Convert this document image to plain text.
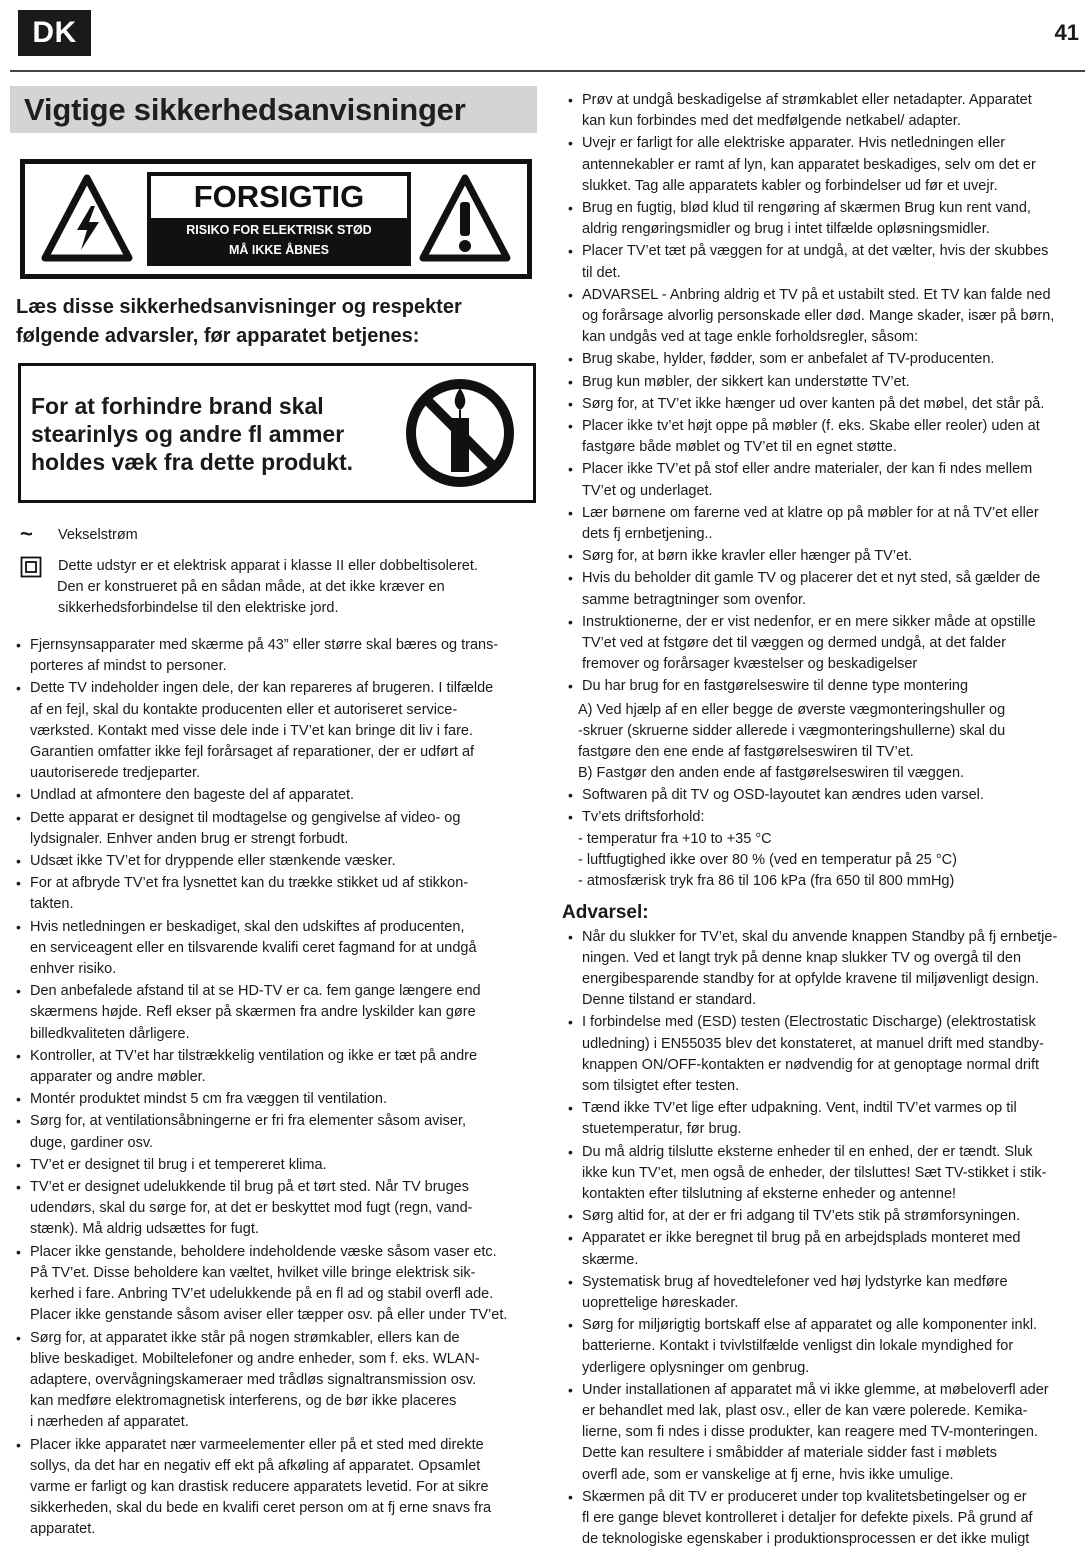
DK	41
Vigtige sikkerhedsanvisninger
FORSIGTIG
RISIKO FOR ELEKTRISK STØD
MÅ IKKE ÅBNES
Læs disse sikkerhedsanvisninger og respekter
følgende advarsler, før apparatet betjenes:
For at forhindre brand skal
stearinlys og andre fl ammer
holdes væk fra dette produkt.
~	Vekselstrøm
Dette udstyr er et elektrisk apparat i klasse II eller dobbeltisoleret.
Den er konstrueret på en sådan måde, at det ikke kræver en
sikkerhedsforbindelse til den elektriske jord.
• Fjernsynsapparater med skærme på 43” eller større skal bæres og trans-
porteres af mindst to personer.
• Dette TV indeholder ingen dele, der kan repareres af brugeren. I tilfælde
af en fejl, skal du kontakte producenten eller et autoriseret service-
værksted. Kontakt med visse dele inde i TV’et kan bringe dit liv i fare.
Garantien omfatter ikke fejl forårsaget af reparationer, der er udført af
uautoriserede tredjeparter.
• Undlad at afmontere den bageste del af apparatet.
• Dette apparat er designet til modtagelse og gengivelse af video- og
lydsignaler. Enhver anden brug er strengt forbudt.
• Udsæt ikke TV’et for dryppende eller stænkende væsker.
• For at afbryde TV’et fra lysnettet kan du trække stikket ud af stikkon-
takten.
• Hvis netledningen er beskadiget, skal den udskiftes af producenten,
en serviceagent eller en tilsvarende kvalifi ceret fagmand for at undgå
enhver risiko.
• Den anbefalede afstand til at se HD-TV er ca. fem gange længere end
skærmens højde. Refl ekser på skærmen fra andre lyskilder kan gøre
billedkvaliteten dårligere.
• Kontroller, at TV’et har tilstrækkelig ventilation og ikke er tæt på andre
apparater og andre møbler.
• Montér produktet mindst 5 cm fra væggen til ventilation.
• Sørg for, at ventilationsåbningerne er fri fra elementer såsom aviser,
duge, gardiner osv.
• TV’et er designet til brug i et tempereret klima.
• TV’et er designet udelukkende til brug på et tørt sted. Når TV bruges
udendørs, skal du sørge for, at det er beskyttet mod fugt (regn, vand-
stænk). Må aldrig udsættes for fugt.
• Placer ikke genstande, beholdere indeholdende væske såsom vaser etc.
På TV’et. Disse beholdere kan væltet, hvilket ville bringe elektrisk sik-
kerhed i fare. Anbring TV’et udelukkende på en fl ad og stabil overfl ade.
Placer ikke genstande såsom aviser eller tæpper osv. på eller under TV’et.
• Sørg for, at apparatet ikke står på nogen strømkabler, ellers kan de
blive beskadiget. Mobiltelefoner og andre enheder, som f. eks. WLAN-
adaptere, overvågningskameraer med trådløs signaltransmission osv.
kan medføre elektromagnetisk interferens, og de bør ikke placeres
i nærheden af apparatet.
• Placer ikke apparatet nær varmeelementer eller på et sted med direkte
sollys, da det har en negativ eff ekt på afkøling af apparatet. Opsamlet
varme er farligt og kan drastisk reducere apparatets levetid. For at sikre
sikkerheden, skal du bede en kvalifi ceret person om at fj erne snavs fra
apparatet.
• Prøv at undgå beskadigelse af strømkablet eller netadapter. Apparatet
kan kun forbindes med det medfølgende netkabel/ adapter.
• Uvejr er farligt for alle elektriske apparater. Hvis netledningen eller
antennekabler er ramt af lyn, kan apparatet beskadiges, selv om det er
slukket. Tag alle apparatets kabler og forbindelser ud før et uvejr.
• Brug en fugtig, blød klud til rengøring af skærmen Brug kun rent vand,
aldrig rengøringsmidler og brug i intet tilfælde opløsningsmidler.
• Placer TV’et tæt på væggen for at undgå, at det vælter, hvis der skubbes
til det.
• ADVARSEL - Anbring aldrig et TV på et ustabilt sted. Et TV kan falde ned
og forårsage alvorlig personskade eller død. Mange skader, især på børn,
kan undgås ved at tage enkle forholdsregler, såsom:
• Brug skabe, hylder, fødder, som er anbefalet af TV-producenten.
• Brug kun møbler, der sikkert kan understøtte TV’et.
• Sørg for, at TV’et ikke hænger ud over kanten på det møbel, det står på.
• Placer ikke tv’et højt oppe på møbler (f. eks. Skabe eller reoler) uden at
fastgøre både møblet og TV’et til en egnet støtte.
• Placer ikke TV’et på stof eller andre materialer, der kan fi ndes mellem
TV’et og underlaget.
• Lær børnene om farerne ved at klatre op på møbler for at nå TV’et eller
dets fj ernbetjening..
• Sørg for, at børn ikke kravler eller hænger på TV’et.
• Hvis du beholder dit gamle TV og placerer det et nyt sted, så gælder de
samme betragtninger som ovenfor.
• Instruktionerne, der er vist nedenfor, er en mere sikker måde at opstille
TV’et ved at fstgøre det til væggen og dermed undgå, at det falder
fremover og forårsager kvæstelser og beskadigelser
• Du har brug for en fastgørelseswire til denne type montering
A) Ved hjælp af en eller begge de øverste vægmonteringshuller og
-skruer (skruerne sidder allerede i vægmonteringshullerne) skal du
fastgøre den ene ende af fastgørelseswiren til TV’et.
B) Fastgør den anden ende af fastgørelseswiren til væggen.
• Softwaren på dit TV og OSD-layoutet kan ændres uden varsel.
• Tv’ets driftsforhold:
- temperatur fra +10 to +35 °C
- luftfugtighed ikke over 80 % (ved en temperatur på 25 °C)
- atmosfærisk tryk fra 86 til 106 kPa (fra 650 til 800 mmHg)
Advarsel:
• Når du slukker for TV’et, skal du anvende knappen Standby på fj ernbetje-
ningen. Ved et langt tryk på denne knap slukker TV og overgå til den
energibesparende standby for at opfylde kravene til miljøvenligt design.
Denne tilstand er standard.
• I forbindelse med (ESD) testen (Electrostatic Discharge) (elektrostatisk
udledning) i EN55035 blev det konstateret, at manuel drift med standby-
knappen ON/OFF-kontakten er nødvendig for at genoptage normal drift
som tilsigtet efter testen.
• Tænd ikke TV’et lige efter udpakning. Vent, indtil TV’et varmes op til
stuetemperatur, før brug.
• Du må aldrig tilslutte eksterne enheder til en enhed, der er tændt. Sluk
ikke kun TV’et, men også de enheder, der tilsluttes! Sæt TV-stikket i stik-
kontakten efter tilslutning af eksterne enheder og antenne!
• Sørg altid for, at der er fri adgang til TV’ets stik på strømforsyningen.
• Apparatet er ikke beregnet til brug på en arbejdsplads monteret med
skærme.
• Systematisk brug af hovedtelefoner ved høj lydstyrke kan medføre
uoprettelige høreskader.
• Sørg for miljørigtig bortskaff else af apparatet og alle komponenter inkl.
batterierne. Kontakt i tvivlstilfælde venligst din lokale myndighed for
yderligere oplysninger om genbrug.
• Under installationen af apparatet må vi ikke glemme, at møbeloverfl ader
er behandlet med lak, plast osv., eller de kan være polerede. Kemika-
lierne, som fi ndes i disse produkter, kan reagere med TV-monteringen.
Dette kan resultere i småbidder af materiale sidder fast i møblets
overfl ade, som er vanskelige at fj erne, hvis ikke umulige.
• Skærmen på dit TV er produceret under top kvalitetsbetingelser og er
fl ere gange blevet kontrolleret i detaljer for defekte pixels. På grund af
de teknologiske egenskaber i produktionsprocessen er det ikke muligt
